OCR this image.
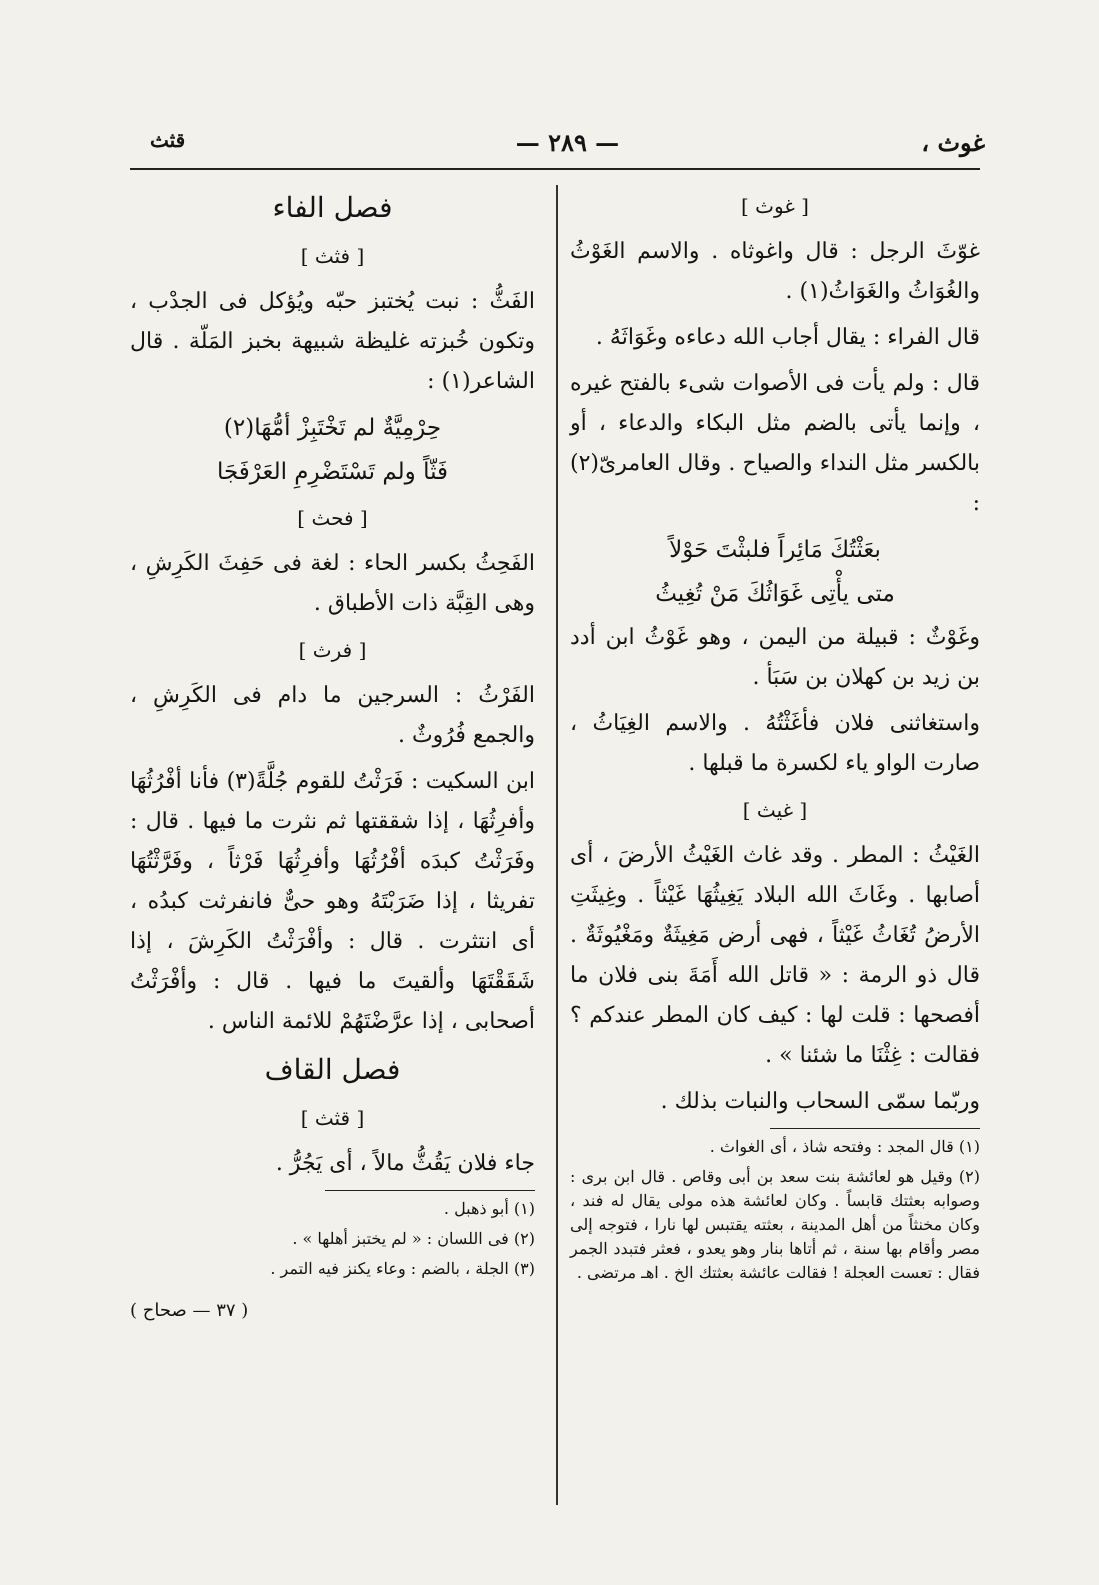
غوث ،
— ٢٨٩ —
قثث
[ غوث ]

غوّثَ الرجل : قال واغوثاه . والاسم الغَوْثُ والغُوَاثُ والغَوَاثُ(١) .

قال الفراء : يقال أجاب الله دعاءه وغَوَاثَهُ .

قال : ولم يأت فى الأصوات شىء بالفتح غيره ، وإنما يأتى بالضم مثل البكاء والدعاء ، أو بالكسر مثل النداء والصياح . وقال العامرىّ(٢) :

بعَثْتُكَ مَائِراً فلبثْتَ حَوْلاً
متى يأْتِى غَوَاثُكَ مَنْ تُغِيثُ

وغَوْثٌ : قبيلة من اليمن ، وهو غَوْثُ ابن أدد بن زيد بن كهلان بن سَبَأ .

واستغاثنى فلان فأغَثْتُهُ . والاسم الغِيَاثُ ، صارت الواو ياء لكسرة ما قبلها .

[ غيث ]

الغَيْثُ : المطر . وقد غاث الغَيْثُ الأرضَ ، أى أصابها . وغَاثَ الله البلاد يَغِيثُهَا غَيْثاً . وغِيثَتِ الأرضُ تُغَاثُ غَيْثاً ، فهى أرض مَغِيثَةٌ ومَغْيُوثَةٌ . قال ذو الرمة : « قاتل الله أَمَةَ بنى فلان ما أفصحها : قلت لها : كيف كان المطر عندكم ؟ فقالت : غِثْنَا ما شئنا » .

وربّما سمّى السحاب والنبات بذلك .

(١) قال المجد : وفتحه شاذ ، أى الغواث .

(٢) وقيل هو لعائشة بنت سعد بن أبى وقاص . قال ابن برى : وصوابه بعثتك قابساً . وكان لعائشة هذه مولى يقال له فند ، وكان مخنثاً من أهل المدينة ، بعثته يقتبس لها نارا ، فتوجه إلى مصر وأقام بها سنة ، ثم أتاها بنار وهو يعدو ، فعثر فتبدد الجمر فقال : تعست العجلة ! فقالت عائشة بعثتك الخ . اهـ مرتضى .

فصل الفاء
[ فثث ]

الفَثُّ : نبت يُختبز حبّه ويُؤكل فى الجدْب ، وتكون خُبزته غليظة شبيهة بخبز المَلّة . قال الشاعر(١) :

حِرْمِيَّةٌ لم تَخْتَبِزْ أمُّهَا(٢)
فَثّاً ولم تَسْتَضْرِمِ العَرْفَجَا
[ فحث ]

الفَحِثُ بكسر الحاء : لغة فى حَفِثَ الكَرِشِ ، وهى القِبَّة ذات الأطباق .

[ فرث ]

الفَرْثُ : السرجين ما دام فى الكَرِشِ ، والجمع فُرُوثٌ .

ابن السكيت : فَرَثْتُ للقوم جُلَّةً(٣) فأنا أفْرُثُهَا وأفرِثُهَا ، إذا شققتها ثم نثرت ما فيها . قال : وفَرَثْتُ كبدَه أفْرُثُهَا وأفرِثُهَا فَرْثاً ، وفَرَّثْتُهَا تفريثا ، إذا ضَرَبْتَهُ وهو حىٌّ فانفرثت كبدُه ، أى انتثرت . قال : وأفْرَثْتُ الكَرِشَ ، إذا شَقَقْتَهَا وألقيتَ ما فيها . قال : وأفْرَثْتُ أصحابى ، إذا عرَّضْتَهُمْ للائمة الناس .

فصل القاف
[ قثث ]

جاء فلان يَقُثُّ مالاً ، أى يَجُرُّ .

(١) أبو ذهبل .

(٢) فى اللسان : « لم يختبز أهلها » .

(٣) الجلة ، بالضم : وعاء يكنز فيه التمر .

( ٣٧ — صحاح )
